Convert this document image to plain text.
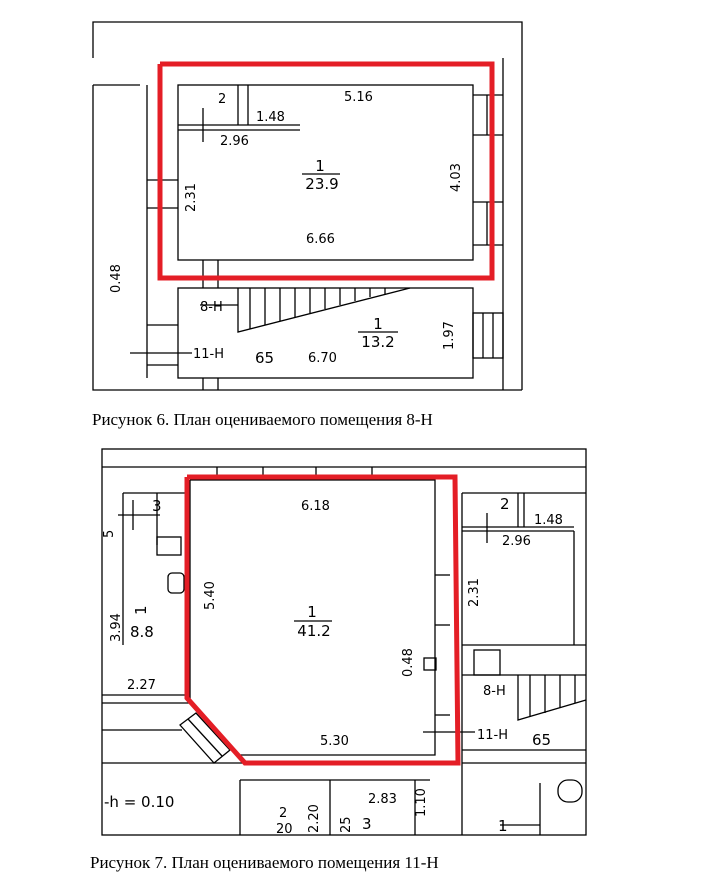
2
1.48
2.96
5.16
1
23.9	4.03
2.31
6.66
0.48
8-Н
11-Н 65	6.70
1
13.2	1.97
Рисунок 6. План оцениваемого помещения 8-Н
3
5
6.18	2
1.48
2.96
5.40	2.31
1
41.2
3.94
1
8.8
0.48
2.27	8-Н
11-Н 65
5.30
-h = 0.10
2
20 2.20 25 3
2.83 1.10
1
Рисунок 7. План оцениваемого помещения 11-Н
